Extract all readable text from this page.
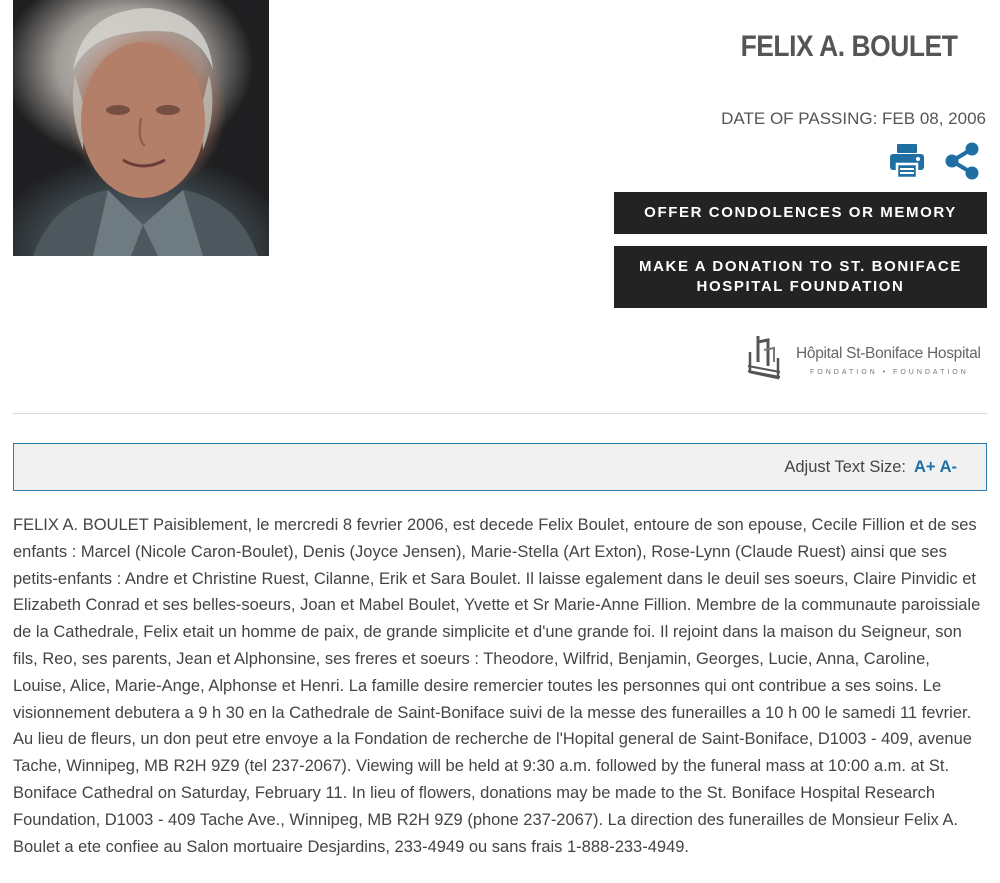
FELIX A. BOULET
DATE OF PASSING: FEB 08, 2006
OFFER CONDOLENCES OR MEMORY
MAKE A DONATION TO ST. BONIFACE HOSPITAL FOUNDATION
Hôpital St-Boniface Hospital
FONDATION • FOUNDATION
Adjust Text Size: A+ A-

FELIX A. BOULET Paisiblement, le mercredi 8 fevrier 2006, est decede Felix Boulet, entoure de son epouse, Cecile Fillion et de ses enfants : Marcel (Nicole Caron-Boulet), Denis (Joyce Jensen), Marie-Stella (Art Exton), Rose-Lynn (Claude Ruest) ainsi que ses petits-enfants : Andre et Christine Ruest, Cilanne, Erik et Sara Boulet. Il laisse egalement dans le deuil ses soeurs, Claire Pinvidic et Elizabeth Conrad et ses belles-soeurs, Joan et Mabel Boulet, Yvette et Sr Marie-Anne Fillion. Membre de la communaute paroissiale de la Cathedrale, Felix etait un homme de paix, de grande simplicite et d'une grande foi. Il rejoint dans la maison du Seigneur, son fils, Reo, ses parents, Jean et Alphonsine, ses freres et soeurs : Theodore, Wilfrid, Benjamin, Georges, Lucie, Anna, Caroline, Louise, Alice, Marie-Ange, Alphonse et Henri. La famille desire remercier toutes les personnes qui ont contribue a ses soins. Le visionnement debutera a 9 h 30 en la Cathedrale de Saint-Boniface suivi de la messe des funerailles a 10 h 00 le samedi 11 fevrier. Au lieu de fleurs, un don peut etre envoye a la Fondation de recherche de l'Hopital general de Saint-Boniface, D1003 - 409, avenue Tache, Winnipeg, MB R2H 9Z9 (tel 237-2067). Viewing will be held at 9:30 a.m. followed by the funeral mass at 10:00 a.m. at St. Boniface Cathedral on Saturday, February 11. In lieu of flowers, donations may be made to the St. Boniface Hospital Research Foundation, D1003 - 409 Tache Ave., Winnipeg, MB R2H 9Z9 (phone 237-2067). La direction des funerailles de Monsieur Felix A. Boulet a ete confiee au Salon mortuaire Desjardins, 233-4949 ou sans frais 1-888-233-4949.
